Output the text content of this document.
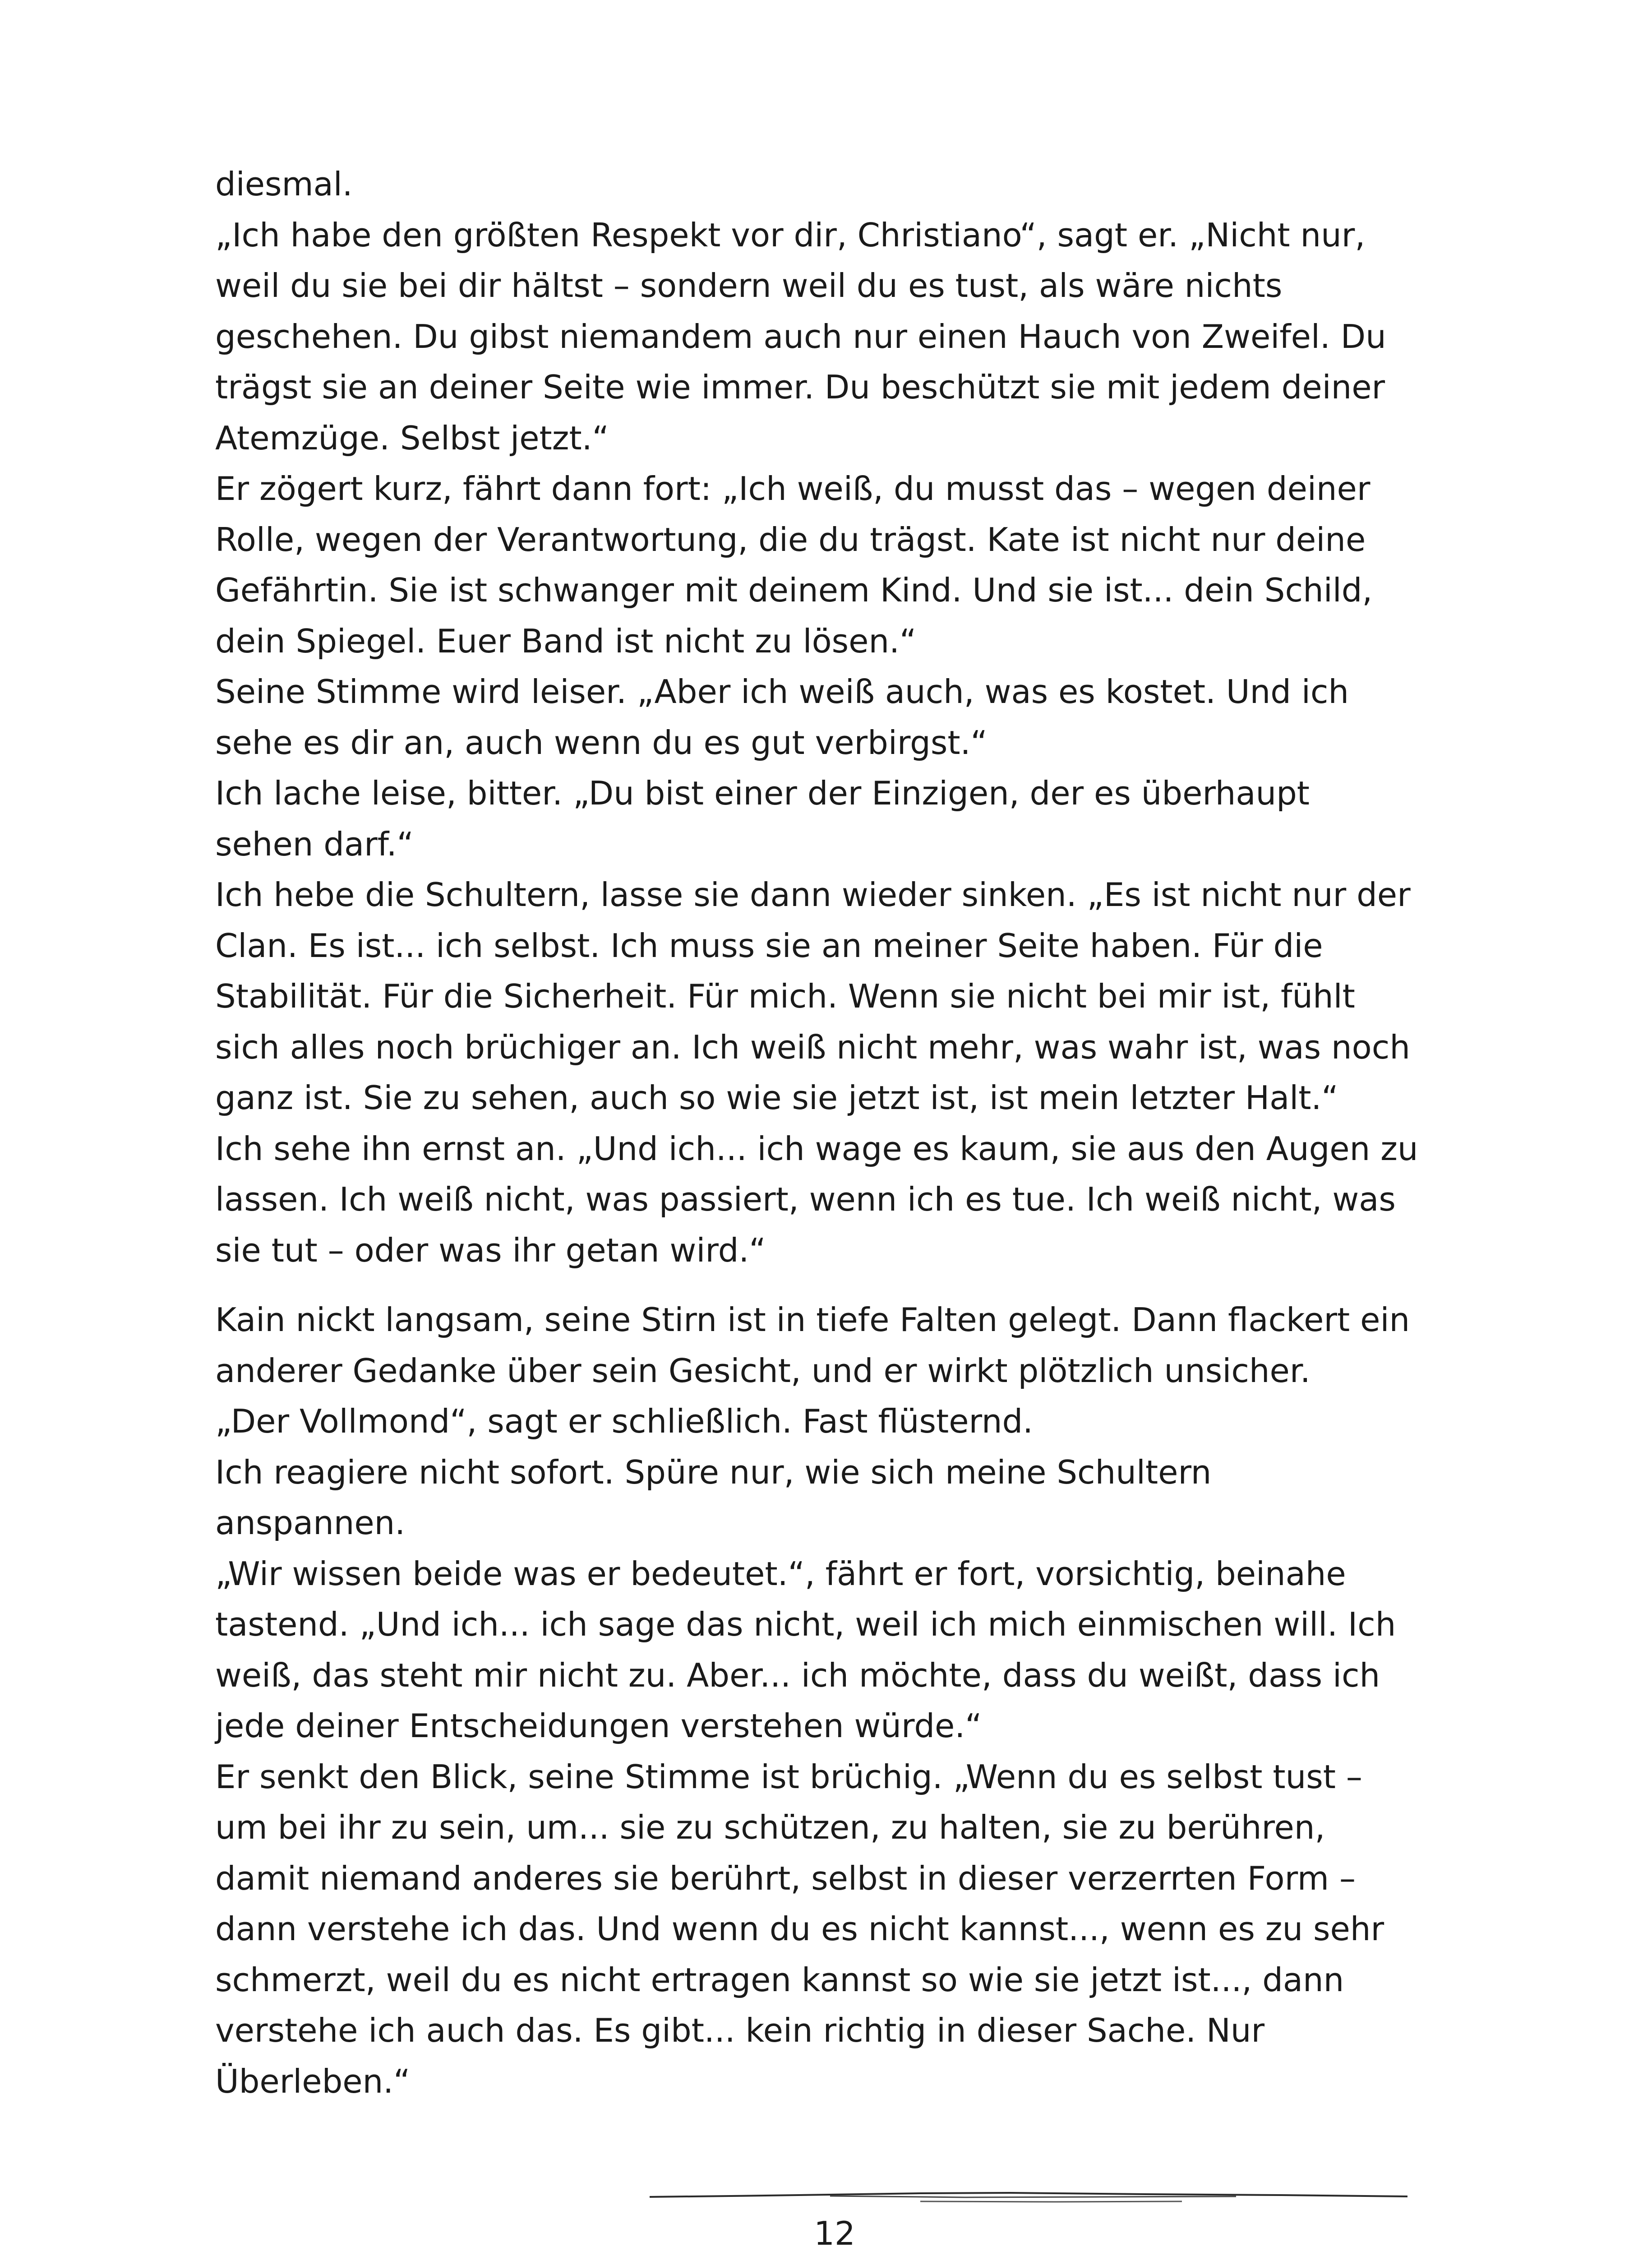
diesmal.
„Ich habe den größten Respekt vor dir, Christiano“, sagt er. „Nicht nur,
weil du sie bei dir hältst – sondern weil du es tust, als wäre nichts
geschehen. Du gibst niemandem auch nur einen Hauch von Zweifel. Du
trägst sie an deiner Seite wie immer. Du beschützt sie mit jedem deiner
Atemzüge. Selbst jetzt.“
Er zögert kurz, fährt dann fort: „Ich weiß, du musst das – wegen deiner
Rolle, wegen der Verantwortung, die du trägst. Kate ist nicht nur deine
Gefährtin. Sie ist schwanger mit deinem Kind. Und sie ist... dein Schild,
dein Spiegel. Euer Band ist nicht zu lösen.“
Seine Stimme wird leiser. „Aber ich weiß auch, was es kostet. Und ich
sehe es dir an, auch wenn du es gut verbirgst.“
Ich lache leise, bitter. „Du bist einer der Einzigen, der es überhaupt
sehen darf.“
Ich hebe die Schultern, lasse sie dann wieder sinken. „Es ist nicht nur der
Clan. Es ist... ich selbst. Ich muss sie an meiner Seite haben. Für die
Stabilität. Für die Sicherheit. Für mich. Wenn sie nicht bei mir ist, fühlt
sich alles noch brüchiger an. Ich weiß nicht mehr, was wahr ist, was noch
ganz ist. Sie zu sehen, auch so wie sie jetzt ist, ist mein letzter Halt.“
Ich sehe ihn ernst an. „Und ich... ich wage es kaum, sie aus den Augen zu
lassen. Ich weiß nicht, was passiert, wenn ich es tue. Ich weiß nicht, was
sie tut – oder was ihr getan wird.“
Kain nickt langsam, seine Stirn ist in tiefe Falten gelegt. Dann flackert ein
anderer Gedanke über sein Gesicht, und er wirkt plötzlich unsicher.
„Der Vollmond“, sagt er schließlich. Fast flüsternd.
Ich reagiere nicht sofort. Spüre nur, wie sich meine Schultern
anspannen.
„Wir wissen beide was er bedeutet.“, fährt er fort, vorsichtig, beinahe
tastend. „Und ich... ich sage das nicht, weil ich mich einmischen will. Ich
weiß, das steht mir nicht zu. Aber... ich möchte, dass du weißt, dass ich
jede deiner Entscheidungen verstehen würde.“
Er senkt den Blick, seine Stimme ist brüchig. „Wenn du es selbst tust –
um bei ihr zu sein, um... sie zu schützen, zu halten, sie zu berühren,
damit niemand anderes sie berührt, selbst in dieser verzerrten Form –
dann verstehe ich das. Und wenn du es nicht kannst..., wenn es zu sehr
schmerzt, weil du es nicht ertragen kannst so wie sie jetzt ist..., dann
verstehe ich auch das. Es gibt... kein richtig in dieser Sache. Nur
Überleben.“
12
